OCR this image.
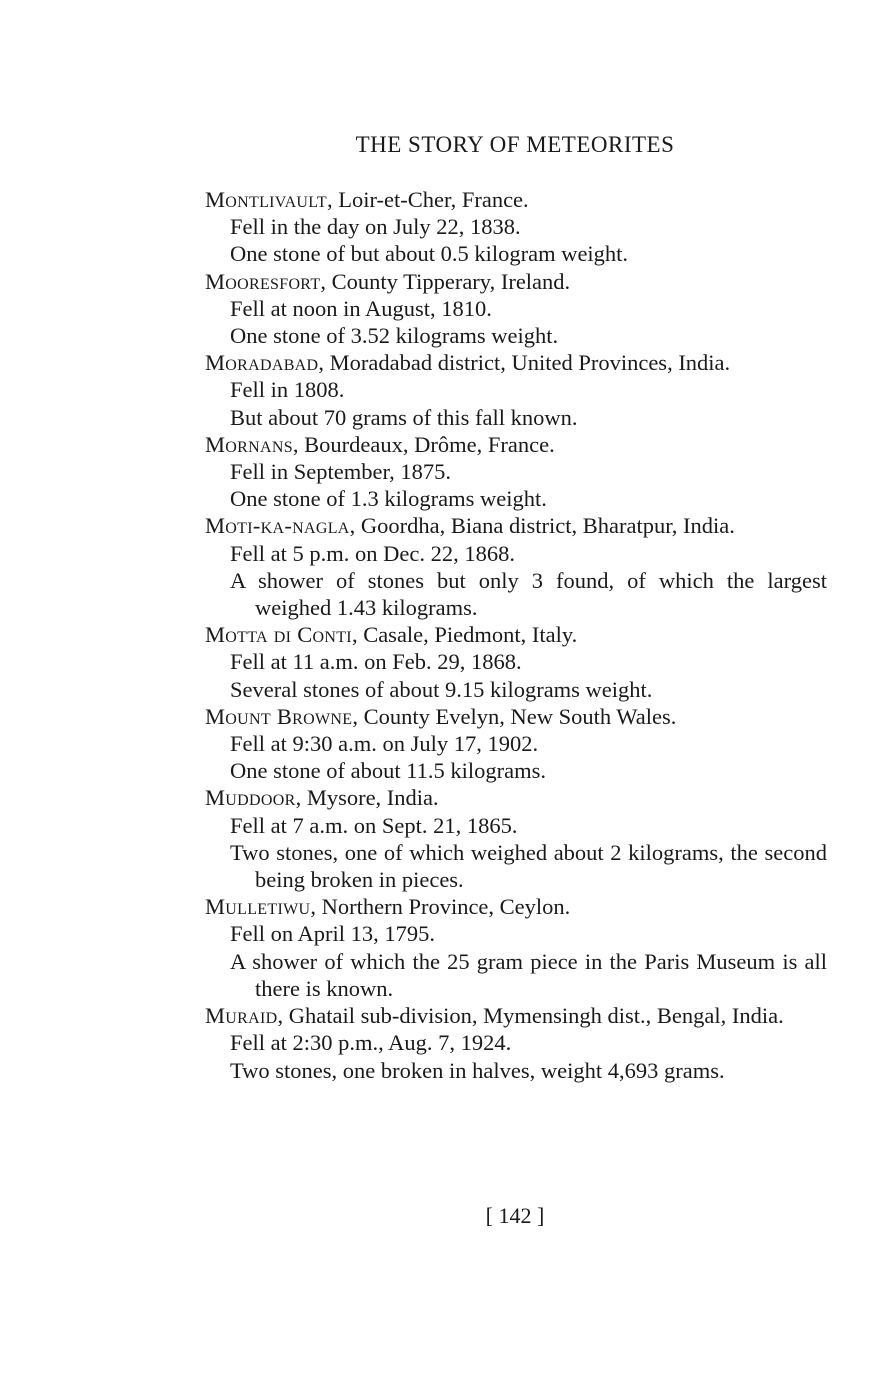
THE STORY OF METEORITES
Montlivault, Loir-et-Cher, France.
Fell in the day on July 22, 1838.
One stone of but about 0.5 kilogram weight.
Mooresfort, County Tipperary, Ireland.
Fell at noon in August, 1810.
One stone of 3.52 kilograms weight.
Moradabad, Moradabad district, United Provinces, India.
Fell in 1808.
But about 70 grams of this fall known.
Mornans, Bourdeaux, Drôme, France.
Fell in September, 1875.
One stone of 1.3 kilograms weight.
Moti-ka-nagla, Goordha, Biana district, Bharatpur, India.
Fell at 5 p.m. on Dec. 22, 1868.
A shower of stones but only 3 found, of which the largest weighed 1.43 kilograms.
Motta di Conti, Casale, Piedmont, Italy.
Fell at 11 a.m. on Feb. 29, 1868.
Several stones of about 9.15 kilograms weight.
Mount Browne, County Evelyn, New South Wales.
Fell at 9:30 a.m. on July 17, 1902.
One stone of about 11.5 kilograms.
Muddoor, Mysore, India.
Fell at 7 a.m. on Sept. 21, 1865.
Two stones, one of which weighed about 2 kilograms, the second being broken in pieces.
Mulletiwu, Northern Province, Ceylon.
Fell on April 13, 1795.
A shower of which the 25 gram piece in the Paris Museum is all there is known.
Muraid, Ghatail sub-division, Mymensingh dist., Bengal, India.
Fell at 2:30 p.m., Aug. 7, 1924.
Two stones, one broken in halves, weight 4,693 grams.
[ 142 ]
